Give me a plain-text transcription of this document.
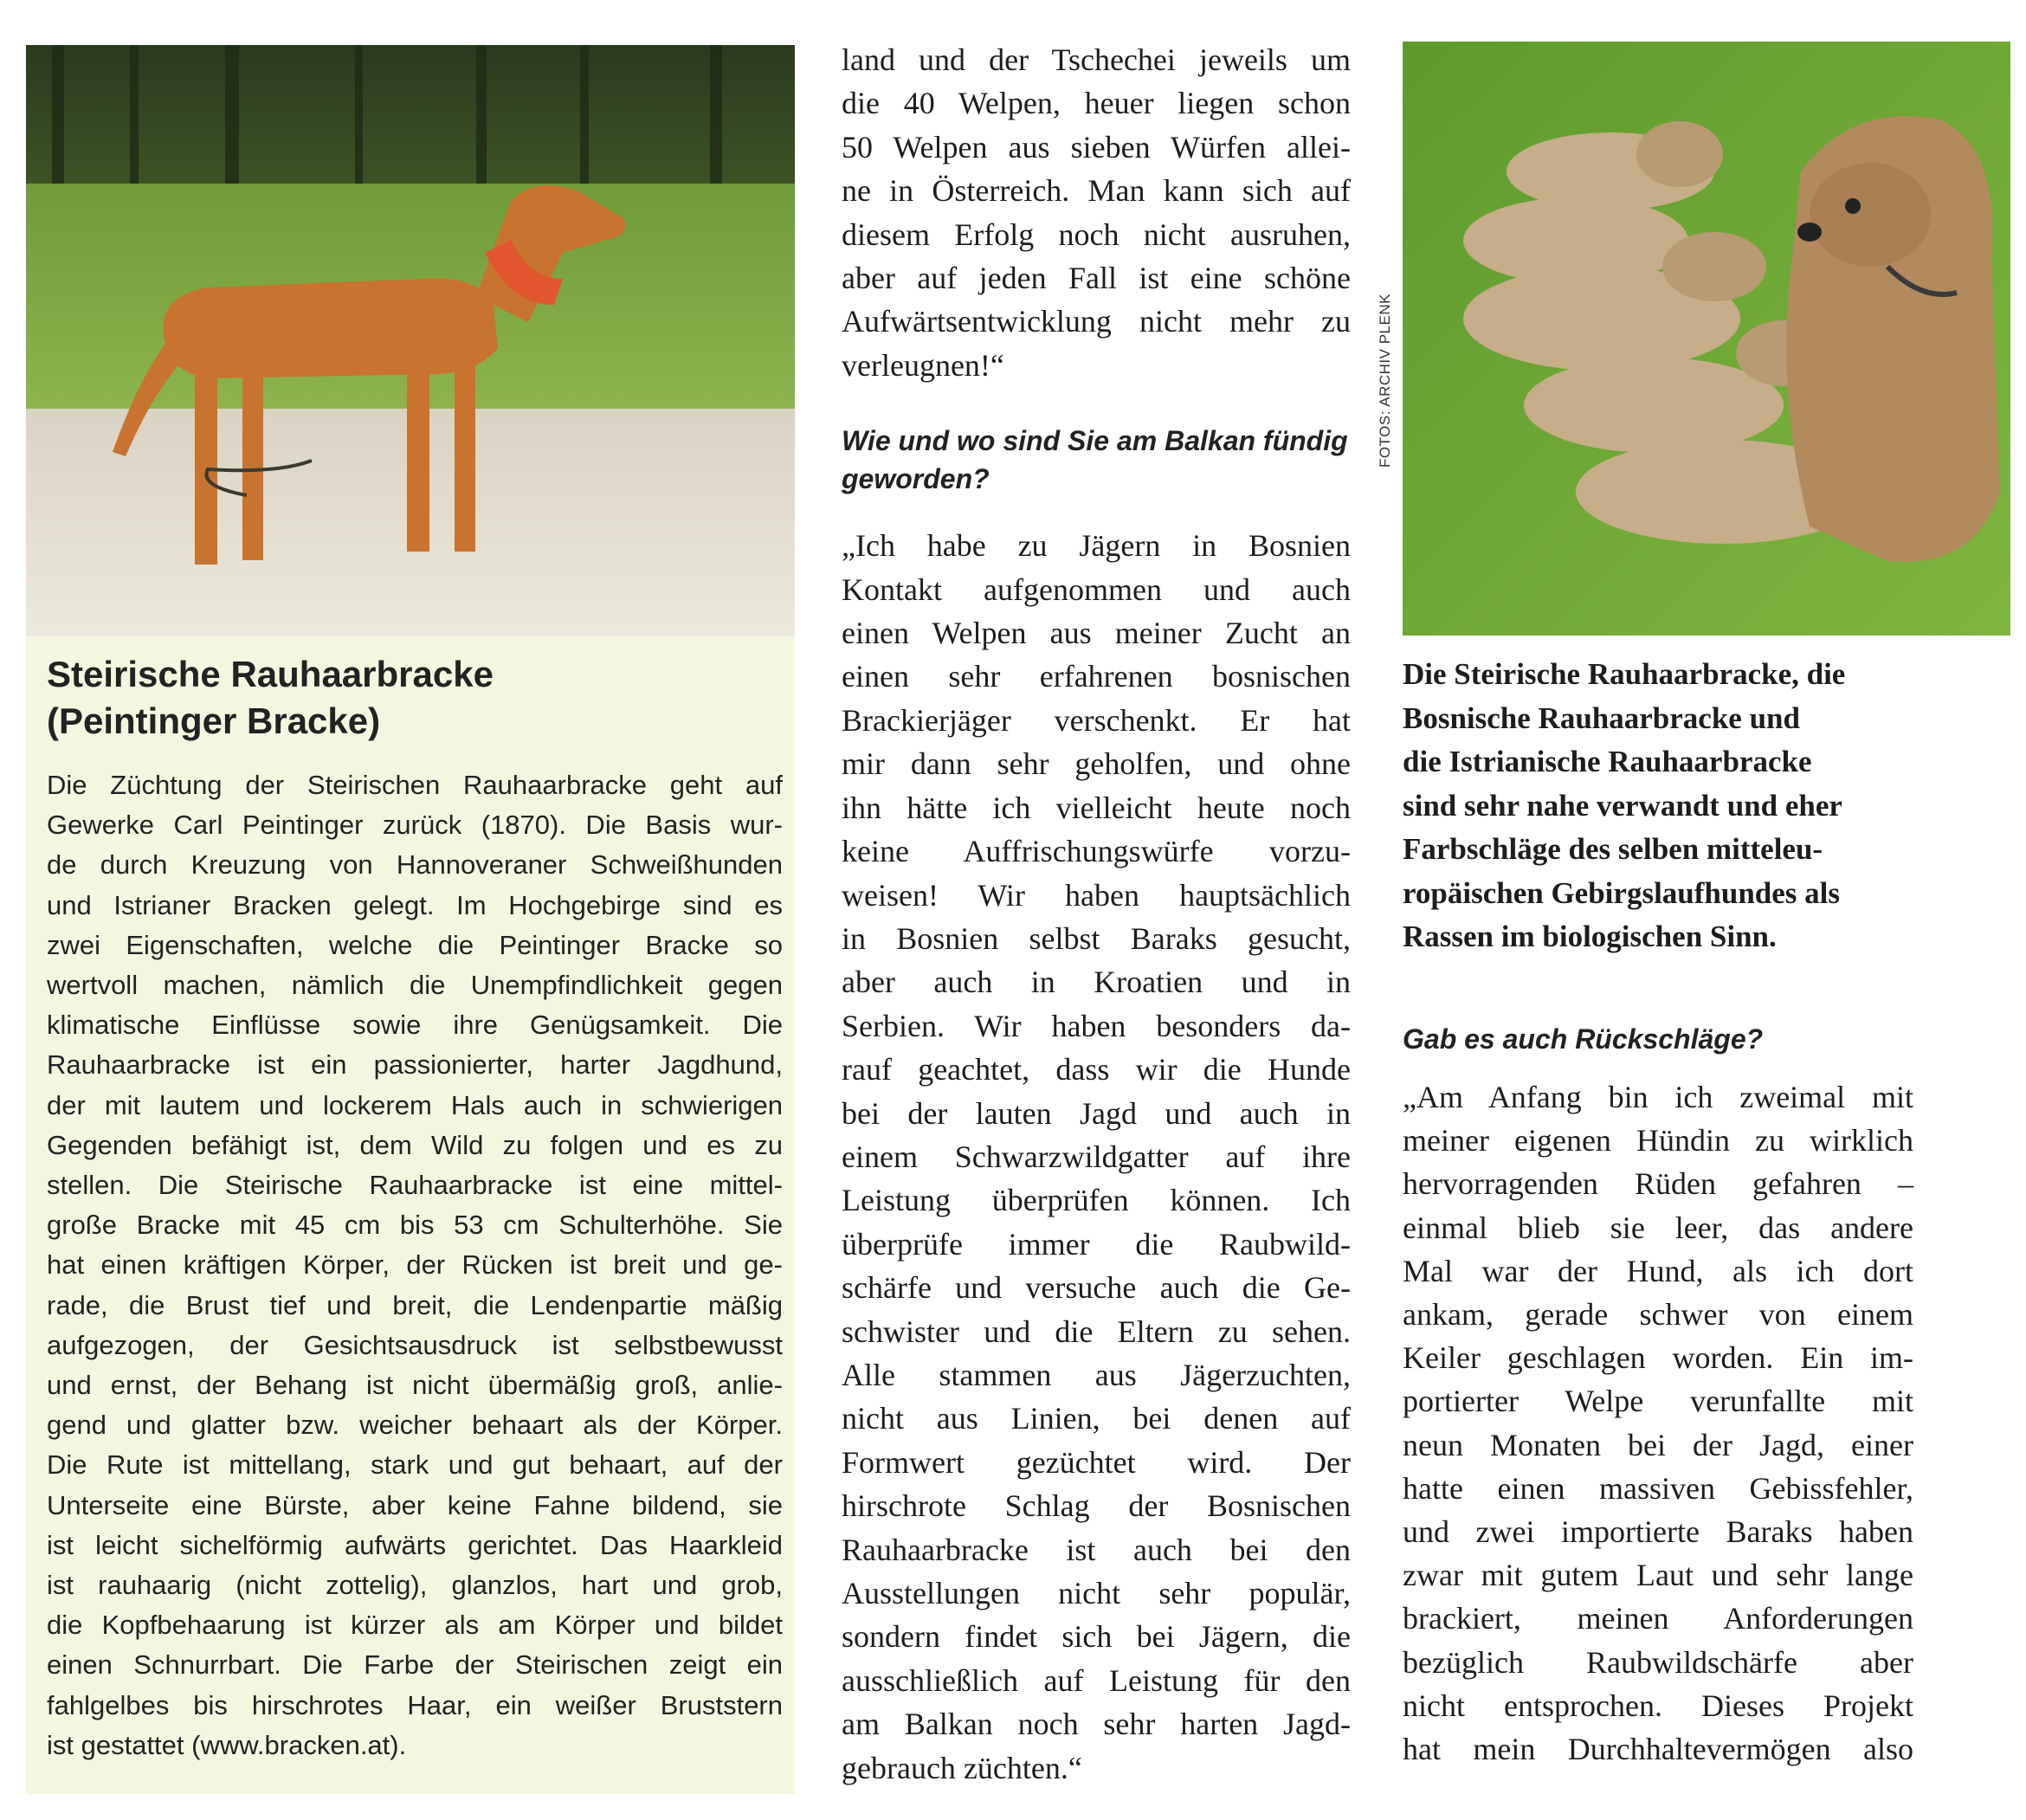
Steirische Rauhaarbracke
(Peintinger Bracke)
Die Züchtung der Steirischen Rauhaarbracke geht auf
Gewerke Carl Peintinger zurück (1870). Die Basis wur-
de durch Kreuzung von Hannoveraner Schweißhunden
und Istrianer Bracken gelegt. Im Hochgebirge sind es
zwei Eigenschaften, welche die Peintinger Bracke so
wertvoll machen, nämlich die Unempfindlichkeit gegen
klimatische Einflüsse sowie ihre Genügsamkeit. Die
Rauhaarbracke ist ein passionierter, harter Jagdhund,
der mit lautem und lockerem Hals auch in schwierigen
Gegenden befähigt ist, dem Wild zu folgen und es zu
stellen. Die Steirische Rauhaarbracke ist eine mittel-
große Bracke mit 45 cm bis 53 cm Schulterhöhe. Sie
hat einen kräftigen Körper, der Rücken ist breit und ge-
rade, die Brust tief und breit, die Lendenpartie mäßig
aufgezogen, der Gesichtsausdruck ist selbstbewusst
und ernst, der Behang ist nicht übermäßig groß, anlie-
gend und glatter bzw. weicher behaart als der Körper.
Die Rute ist mittellang, stark und gut behaart, auf der
Unterseite eine Bürste, aber keine Fahne bildend, sie
ist leicht sichelförmig aufwärts gerichtet. Das Haarkleid
ist rauhaarig (nicht zottelig), glanzlos, hart und grob,
die Kopfbehaarung ist kürzer als am Körper und bildet
einen Schnurrbart. Die Farbe der Steirischen zeigt ein
fahlgelbes bis hirschrotes Haar, ein weißer Bruststern
ist gestattet (www.bracken.at).

land und der Tschechei jeweils um
die 40 Welpen, heuer liegen schon
50 Welpen aus sieben Würfen allei-
ne in Österreich. Man kann sich auf
diesem Erfolg noch nicht ausruhen,
aber auf jeden Fall ist eine schöne
Aufwärtsentwicklung nicht mehr zu
verleugnen!“

Wie und wo sind Sie am Balkan fündig
geworden?

„Ich habe zu Jägern in Bosnien
Kontakt aufgenommen und auch
einen Welpen aus meiner Zucht an
einen sehr erfahrenen bosnischen
Brackierjäger verschenkt. Er hat
mir dann sehr geholfen, und ohne
ihn hätte ich vielleicht heute noch
keine Auffrischungswürfe vorzu-
weisen! Wir haben hauptsächlich
in Bosnien selbst Baraks gesucht,
aber auch in Kroatien und in
Serbien. Wir haben besonders da-
rauf geachtet, dass wir die Hunde
bei der lauten Jagd und auch in
einem Schwarzwildgatter auf ihre
Leistung überprüfen können. Ich
überprüfe immer die Raubwild-
schärfe und versuche auch die Ge-
schwister und die Eltern zu sehen.
Alle stammen aus Jägerzuchten,
nicht aus Linien, bei denen auf
Formwert gezüchtet wird. Der
hirschrote Schlag der Bosnischen
Rauhaarbracke ist auch bei den
Ausstellungen nicht sehr populär,
sondern findet sich bei Jägern, die
ausschließlich auf Leistung für den
am Balkan noch sehr harten Jagd-
gebrauch züchten.“

FOTOS: ARCHIV PLENK

Die Steirische Rauhaarbracke, die
Bosnische Rauhaarbracke und
die Istrianische Rauhaarbracke
sind sehr nahe verwandt und eher
Farbschläge des selben mitteleu-
ropäischen Gebirgslaufhundes als
Rassen im biologischen Sinn.

Gab es auch Rückschläge?

„Am Anfang bin ich zweimal mit
meiner eigenen Hündin zu wirklich
hervorragenden Rüden gefahren –
einmal blieb sie leer, das andere
Mal war der Hund, als ich dort
ankam, gerade schwer von einem
Keiler geschlagen worden. Ein im-
portierter Welpe verunfallte mit
neun Monaten bei der Jagd, einer
hatte einen massiven Gebissfehler,
und zwei importierte Baraks haben
zwar mit gutem Laut und sehr lange
brackiert, meinen Anforderungen
bezüglich Raubwildschärfe aber
nicht entsprochen. Dieses Projekt
hat mein Durchhaltevermögen also
